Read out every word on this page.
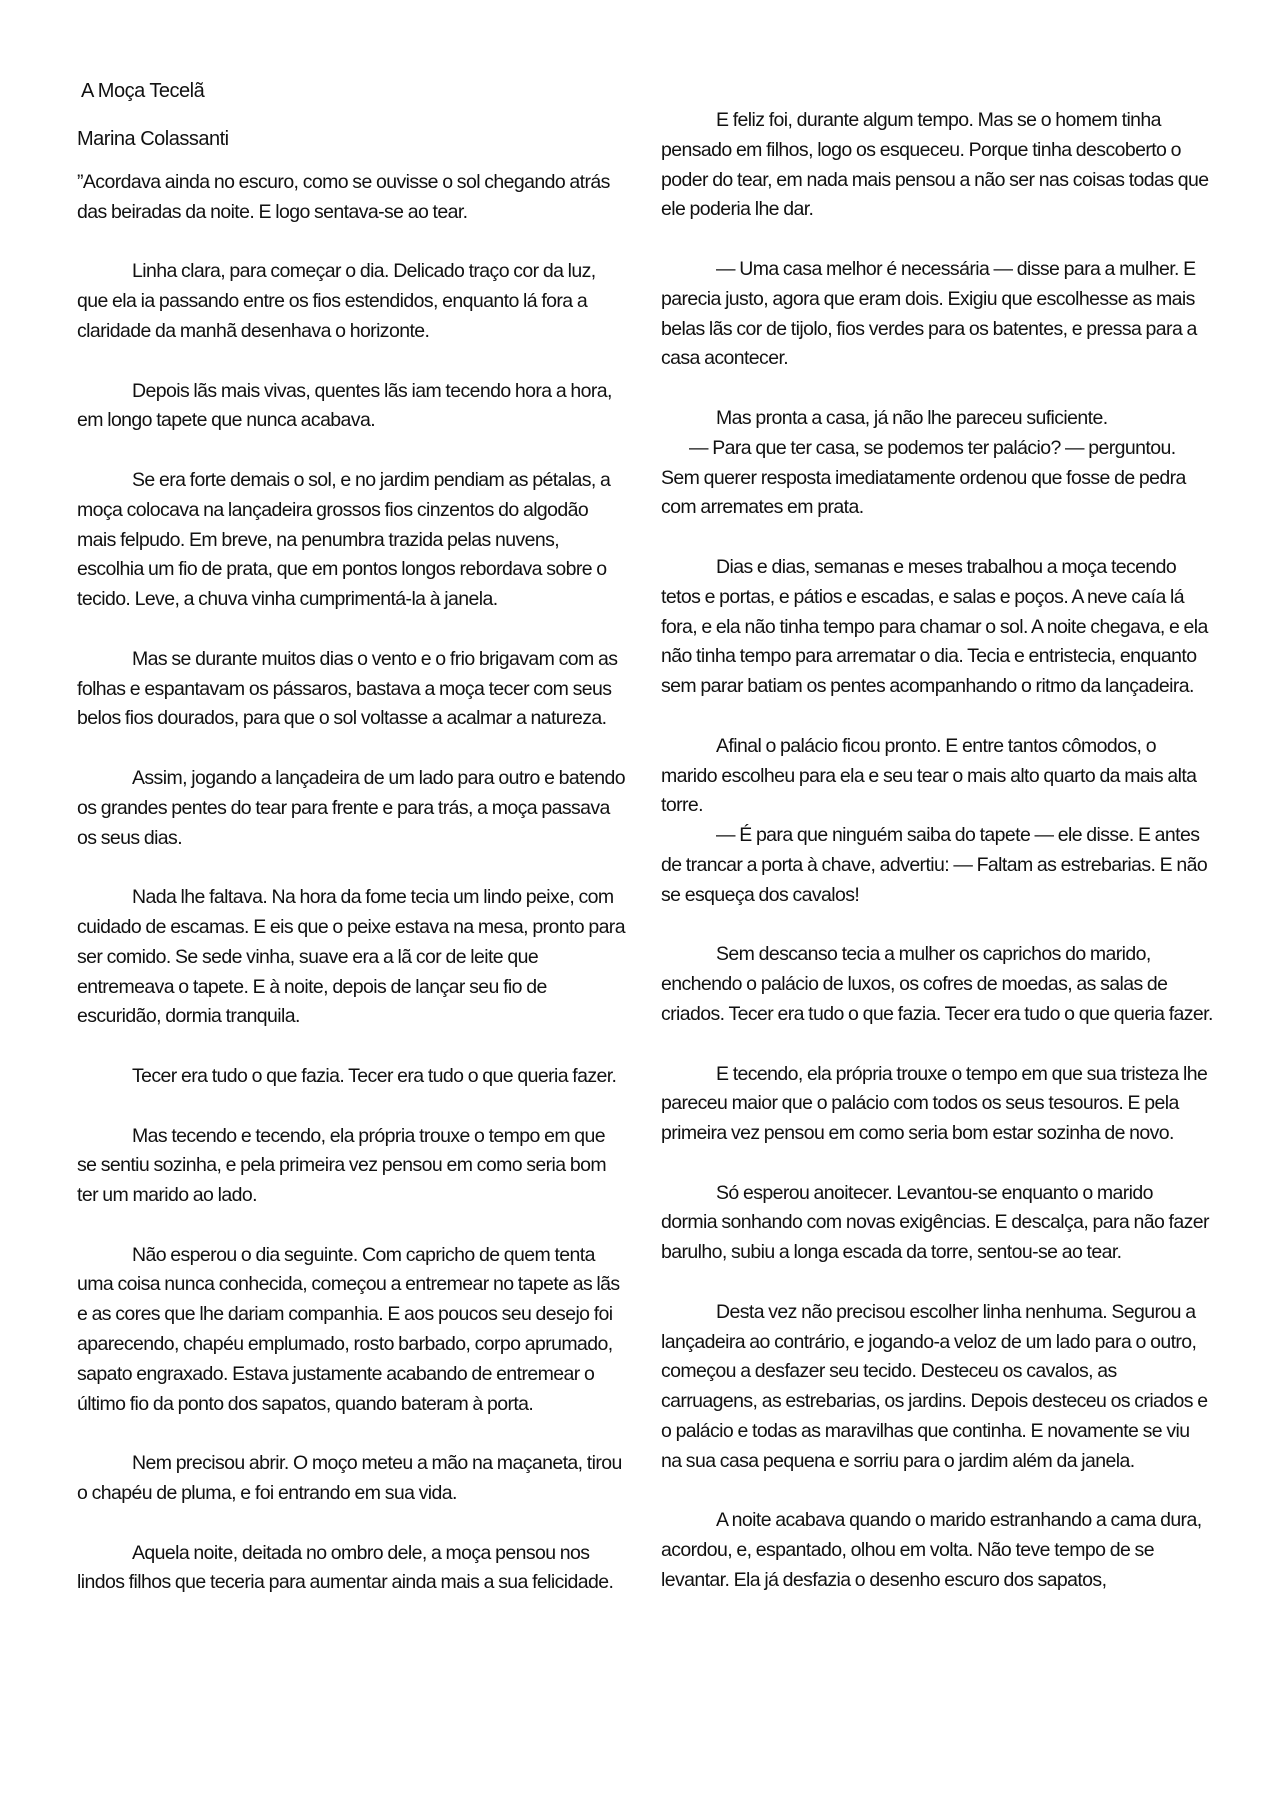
A Moça Tecelã

Marina Colassanti

”Acordava ainda no escuro, como se ouvisse o sol chegando atrás das beiradas da noite. E logo sentava-se ao tear.

Linha clara, para começar o dia. Delicado traço cor da luz, que ela ia passando entre os fios estendidos, enquanto lá fora a claridade da manhã desenhava o horizonte.

Depois lãs mais vivas, quentes lãs iam tecendo hora a hora, em longo tapete que nunca acabava.

Se era forte demais o sol, e no jardim pendiam as pétalas, a moça colocava na lançadeira grossos fios cinzentos do algodão mais felpudo. Em breve, na penumbra trazida pelas nuvens, escolhia um fio de prata, que em pontos longos rebordava sobre o tecido. Leve, a chuva vinha cumprimentá-la à janela.

Mas se durante muitos dias o vento e o frio brigavam com as folhas e espantavam os pássaros, bastava a moça tecer com seus belos fios dourados, para que o sol voltasse a acalmar a natureza.

Assim, jogando a lançadeira de um lado para outro e batendo os grandes pentes do tear para frente e para trás, a moça passava os seus dias.

Nada lhe faltava. Na hora da fome tecia um lindo peixe, com cuidado de escamas. E eis que o peixe estava na mesa, pronto para ser comido. Se sede vinha, suave era a lã cor de leite que entremeava o tapete. E à noite, depois de lançar seu fio de escuridão, dormia tranquila.

Tecer era tudo o que fazia. Tecer era tudo o que queria fazer.

Mas tecendo e tecendo, ela própria trouxe o tempo em que se sentiu sozinha, e pela primeira vez pensou em como seria bom ter um marido ao lado.

Não esperou o dia seguinte. Com capricho de quem tenta uma coisa nunca conhecida, começou a entremear no tapete as lãs e as cores que lhe dariam companhia. E aos poucos seu desejo foi aparecendo, chapéu emplumado, rosto barbado, corpo aprumado, sapato engraxado. Estava justamente acabando de entremear o último fio da ponto dos sapatos, quando bateram à porta.

Nem precisou abrir. O moço meteu a mão na maçaneta, tirou o chapéu de pluma, e foi entrando em sua vida.

Aquela noite, deitada no ombro dele, a moça pensou nos lindos filhos que teceria para aumentar ainda mais a sua felicidade.

E feliz foi, durante algum tempo. Mas se o homem tinha pensado em filhos, logo os esqueceu. Porque tinha descoberto o poder do tear, em nada mais pensou a não ser nas coisas todas que ele poderia lhe dar.

— Uma casa melhor é necessária — disse para a mulher. E parecia justo, agora que eram dois. Exigiu que escolhesse as mais belas lãs cor de tijolo, fios verdes para os batentes, e pressa para a casa acontecer.

Mas pronta a casa, já não lhe pareceu suficiente.

— Para que ter casa, se podemos ter palácio? — perguntou. Sem querer resposta imediatamente ordenou que fosse de pedra com arremates em prata.

Dias e dias, semanas e meses trabalhou a moça tecendo tetos e portas, e pátios e escadas, e salas e poços. A neve caía lá fora, e ela não tinha tempo para chamar o sol. A noite chegava, e ela não tinha tempo para arrematar o dia. Tecia e entristecia, enquanto sem parar batiam os pentes acompanhando o ritmo da lançadeira.

Afinal o palácio ficou pronto. E entre tantos cômodos, o marido escolheu para ela e seu tear o mais alto quarto da mais alta torre.

— É para que ninguém saiba do tapete — ele disse. E antes de trancar a porta à chave, advertiu: — Faltam as estrebarias. E não se esqueça dos cavalos!

Sem descanso tecia a mulher os caprichos do marido, enchendo o palácio de luxos, os cofres de moedas, as salas de criados. Tecer era tudo o que fazia. Tecer era tudo o que queria fazer.

E tecendo, ela própria trouxe o tempo em que sua tristeza lhe pareceu maior que o palácio com todos os seus tesouros. E pela primeira vez pensou em como seria bom estar sozinha de novo.

Só esperou anoitecer. Levantou-se enquanto o marido dormia sonhando com novas exigências. E descalça, para não fazer barulho, subiu a longa escada da torre, sentou-se ao tear.

Desta vez não precisou escolher linha nenhuma. Segurou a lançadeira ao contrário, e jogando-a veloz de um lado para o outro, começou a desfazer seu tecido. Desteceu os cavalos, as carruagens, as estrebarias, os jardins. Depois desteceu os criados e o palácio e todas as maravilhas que continha. E novamente se viu na sua casa pequena e sorriu para o jardim além da janela.

A noite acabava quando o marido estranhando a cama dura, acordou, e, espantado, olhou em volta. Não teve tempo de se levantar. Ela já desfazia o desenho escuro dos sapatos,
